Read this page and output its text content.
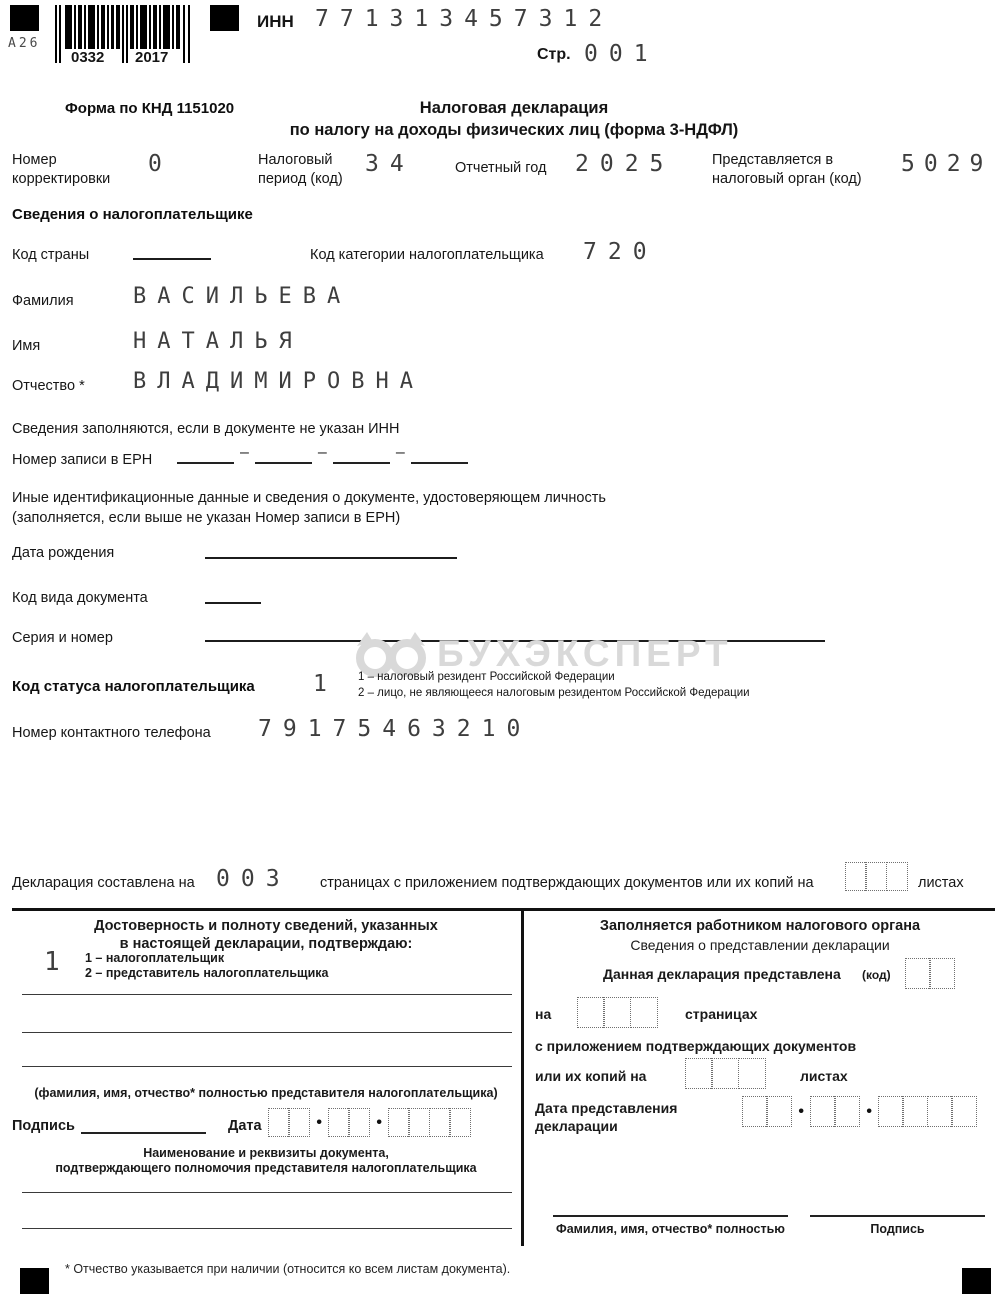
А26
0332 2017
ИНН 771313457312
Стр. 001
Форма по КНД 1151020	Налоговая декларация
по налогу на доходы физических лиц (форма 3-НДФЛ)
Номер корректировки
0	Налоговый период (код)
34	Отчетный год 2025	Представляется в налоговый орган (код)
5029
Сведения о налогоплательщике
Код страны	Код категории налогоплательщика 720
Фамилия	ВАСИЛЬЕВА
Имя	НАТАЛЬЯ
Отчество * ВЛАДИМИРОВНА
Сведения заполняются, если в документе не указан ИНН
Номер записи в ЕРН	–	–	–
Иные идентификационные данные и сведения о документе, удостоверяющем личность
(заполняется, если выше не указан Номер записи в ЕРН)
Дата рождения
Код вида документа
Серия и номер	БУХЭКСПЕРТ
Код статуса налогоплательщика	1 1 – налоговый резидент Российской Федерации
2 – лицо, не являющееся налоговым резидентом Российской Федерации
Номер контактного телефона 79175463210
Декларация составлена на 003 страницах с приложением подтверждающих документов или их копий на	листах
Достоверность и полноту сведений, указанных
в настоящей декларации, подтверждаю:
1 1 – налогоплательщик
2 – представитель налогоплательщика
(фамилия, имя, отчество* полностью представителя налогоплательщика)
Подпись	Дата	•	•
Наименование и реквизиты документа,
подтверждающего полномочия представителя налогоплательщика
Заполняется работником налогового органа
Сведения о представлении декларации
Данная декларация представлена (код)
на	страницах
с приложением подтверждающих документов
или их копий на	листах
Дата представления
декларации
•	•
Фамилия, имя, отчество* полностью	Подпись
* Отчество указывается при наличии (относится ко всем листам документа).
